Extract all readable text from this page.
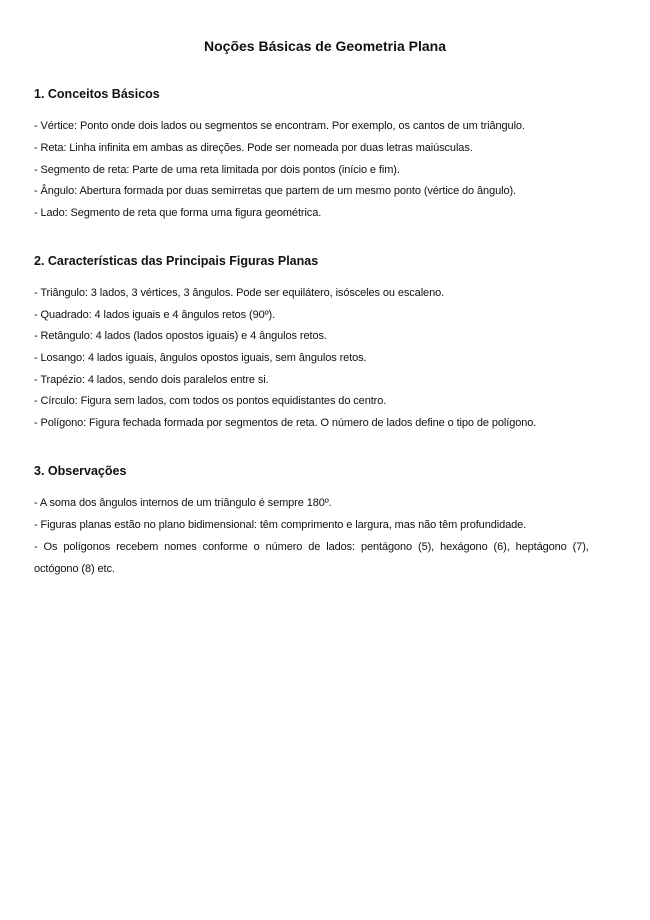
Noções Básicas de Geometria Plana
1. Conceitos Básicos

- Vértice: Ponto onde dois lados ou segmentos se encontram. Por exemplo, os cantos de um triângulo.

- Reta: Linha infinita em ambas as direções. Pode ser nomeada por duas letras maiúsculas.

- Segmento de reta: Parte de uma reta limitada por dois pontos (início e fim).

- Ângulo: Abertura formada por duas semirretas que partem de um mesmo ponto (vértice do ângulo).

- Lado: Segmento de reta que forma uma figura geométrica.

2. Características das Principais Figuras Planas

- Triângulo: 3 lados, 3 vértices, 3 ângulos. Pode ser equilátero, isósceles ou escaleno.

- Quadrado: 4 lados iguais e 4 ângulos retos (90º).

- Retângulo: 4 lados (lados opostos iguais) e 4 ângulos retos.

- Losango: 4 lados iguais, ângulos opostos iguais, sem ângulos retos.

- Trapézio: 4 lados, sendo dois paralelos entre si.

- Círculo: Figura sem lados, com todos os pontos equidistantes do centro.

- Polígono: Figura fechada formada por segmentos de reta. O número de lados define o tipo de polígono.

3. Observações

- A soma dos ângulos internos de um triângulo é sempre 180º.

- Figuras planas estão no plano bidimensional: têm comprimento e largura, mas não têm profundidade.

- Os polígonos recebem nomes conforme o número de lados: pentágono (5), hexágono (6), heptágono (7),

octógono (8) etc.
